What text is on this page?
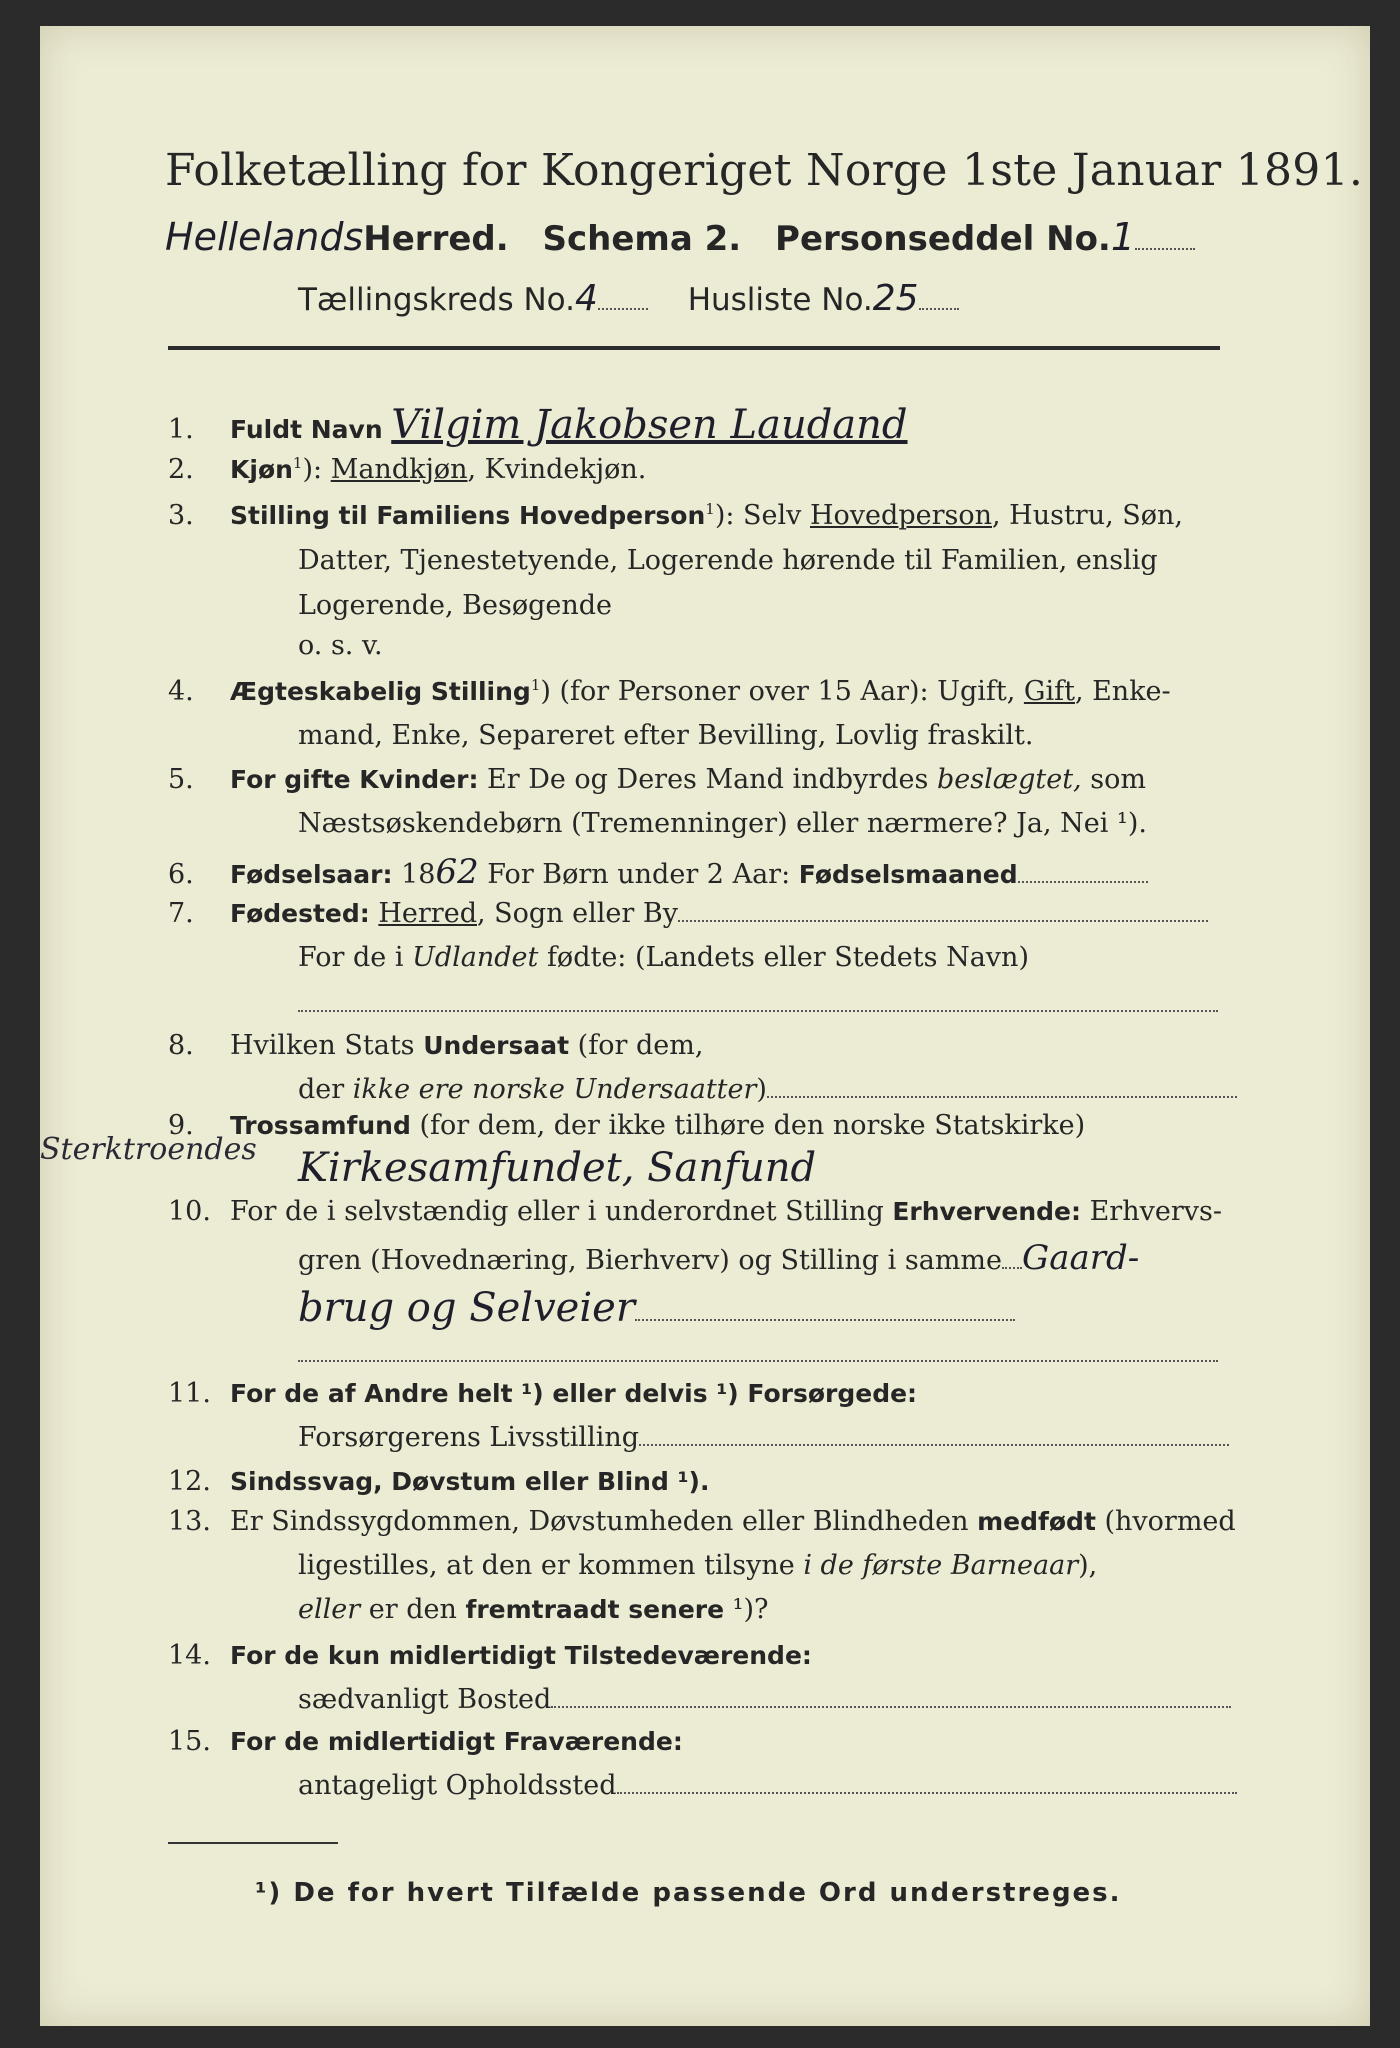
Folketælling for Kongeriget Norge 1ste Januar 1891.
HellelandsHerred. Schema 2. Personseddel No.1
Tællingskreds No.4	Husliste No.25
1. Fuldt Navn Vilgim Jakobsen Laudand
2. Kjøn$^1$): Mandkjøn, Kvindekjøn.
3. Stilling til Familiens Hovedperson$^1$): Selv Hovedperson, Hustru, Søn,
Datter, Tjenestetyende, Logerende hørende til Familien, enslig
Logerende, Besøgende
o. s. v.
4. Ægteskabelig Stilling$^1$) (for Personer over 15 Aar): Ugift, Gift, Enke-
mand, Enke, Separeret efter Bevilling, Lovlig fraskilt.
5. For gifte Kvinder: Er De og Deres Mand indbyrdes beslægtet, som
Næstsøskendebørn (Tremenninger) eller nærmere? Ja, Nei ¹).
6. Fødselsaar: 1862 For Børn under 2 Aar: Fødselsmaaned
7. Fødested: Herred, Sogn eller By
For de i Udlandet fødte: (Landets eller Stedets Navn)
8. Hvilken Stats Undersaat (for dem,
der ikke ere norske Undersaatter)
9. Trossamfund (for dem, der ikke tilhøre den norske Statskirke)
Sterktroendes Kirkesamfundet, Sanfund
10. For de i selvstændig eller i underordnet Stilling Erhvervende: Erhvervs-
gren (Hovednæring, Bierhverv) og Stilling i samme Gaard-
brug og Selveier
11. For de af Andre helt ¹) eller delvis ¹) Forsørgede:
Forsørgerens Livsstilling
12. Sindssvag, Døvstum eller Blind ¹).
13. Er Sindssygdommen, Døvstumheden eller Blindheden medfødt (hvormed
ligestilles, at den er kommen tilsyne i de første Barneaar),
eller er den fremtraadt senere ¹)?
14. For de kun midlertidigt Tilstedeværende:
sædvanligt Bosted
15. For de midlertidigt Fraværende:
antageligt Opholdssted
¹) De for hvert Tilfælde passende Ord understreges.
